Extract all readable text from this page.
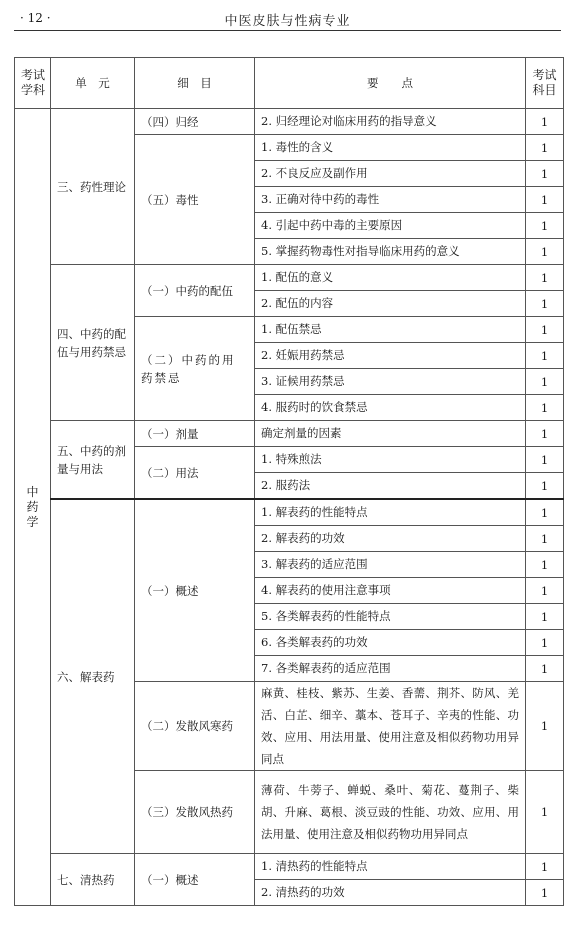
· 12 ·	中医皮肤与性病专业
考试学科	单　元	细　目	要　　点	考试科目
中药学	三、药性理论	（四）归经	2. 归经理论对临床用药的指导意义	1
		（五）毒性	1. 毒性的含义	1
			2. 不良反应及副作用	1
			3. 正确对待中药的毒性	1
			4. 引起中药中毒的主要原因	1
			5. 掌握药物毒性对指导临床用药的意义	1
	四、中药的配伍与用药禁忌	（一）中药的配伍	1. 配伍的意义	1
			2. 配伍的内容	1
		（二）中药的用药禁忌	1. 配伍禁忌	1
			2. 妊娠用药禁忌	1
			3. 证候用药禁忌	1
			4. 服药时的饮食禁忌	1
	五、中药的剂量与用法	（一）剂量	确定剂量的因素	1
		（二）用法	1. 特殊煎法	1
			2. 服药法	1
	六、解表药	（一）概述	1. 解表药的性能特点	1
			2. 解表药的功效	1
			3. 解表药的适应范围	1
			4. 解表药的使用注意事项	1
			5. 各类解表药的性能特点	1
			6. 各类解表药的功效	1
			7. 各类解表药的适应范围	1
		（二）发散风寒药	麻黄、桂枝、紫苏、生姜、香薷、荆芥、防风、羌活、白芷、细辛、藁本、苍耳子、辛夷的性能、功效、应用、用法用量、使用注意及相似药物功用异同点	1
		（三）发散风热药	薄荷、牛蒡子、蝉蜕、桑叶、菊花、蔓荆子、柴胡、升麻、葛根、淡豆豉的性能、功效、应用、用法用量、使用注意及相似药物功用异同点	1
	七、清热药	（一）概述	1. 清热药的性能特点	1
			2. 清热药的功效	1
